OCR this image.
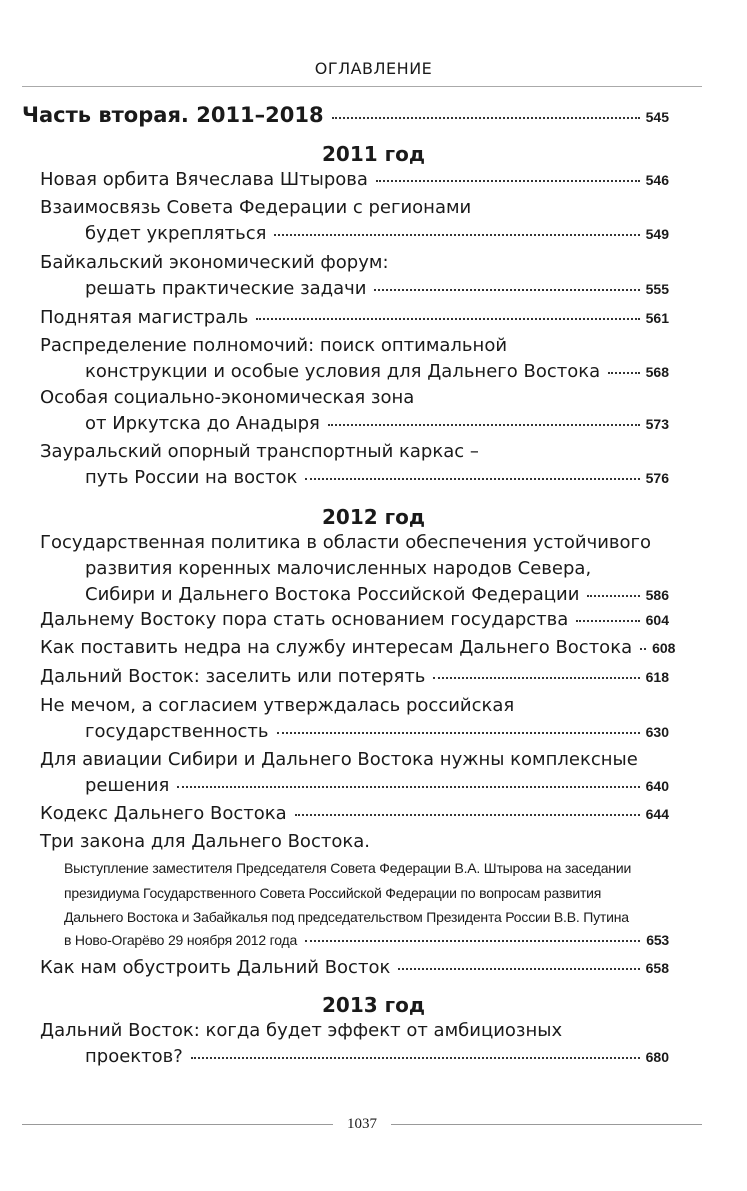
ОГЛАВЛЕНИЕ
Часть вторая. 2011–2018	545
2011 год
Новая орбита Вячеслава Штырова	546
Взаимосвязь Совета Федерации с регионами
будет укрепляться	549
Байкальский экономический форум:
решать практические задачи	555
Поднятая магистраль	561
Распределение полномочий: поиск оптимальной
конструкции и особые условия для Дальнего Востока	568
Особая социально-экономическая зона
от Иркутска до Анадыря	573
Зауральский опорный транспортный каркас –
путь России на восток	576
2012 год
Государственная политика в области обеспечения устойчивого
развития коренных малочисленных народов Севера,
Сибири и Дальнего Востока Российской Федерации	586
Дальнему Востоку пора стать основанием государства	604
Как поставить недра на службу интересам Дальнего Востока 608
Дальний Восток: заселить или потерять	618
Не мечом, а согласием утверждалась российская
государственность	630
Для авиации Сибири и Дальнего Востока нужны комплексные
решения	640
Кодекс Дальнего Востока	644
Три закона для Дальнего Востока.
Выступление заместителя Председателя Совета Федерации В.А. Штырова на заседании
президиума Государственного Совета Российской Федерации по вопросам развития
Дальнего Востока и Забайкалья под председательством Президента России В.В. Путина
в Ново-Огарёво 29 ноября 2012 года	653
Как нам обустроить Дальний Восток	658
2013 год
Дальний Восток: когда будет эффект от амбициозных
проектов?	680
1037
